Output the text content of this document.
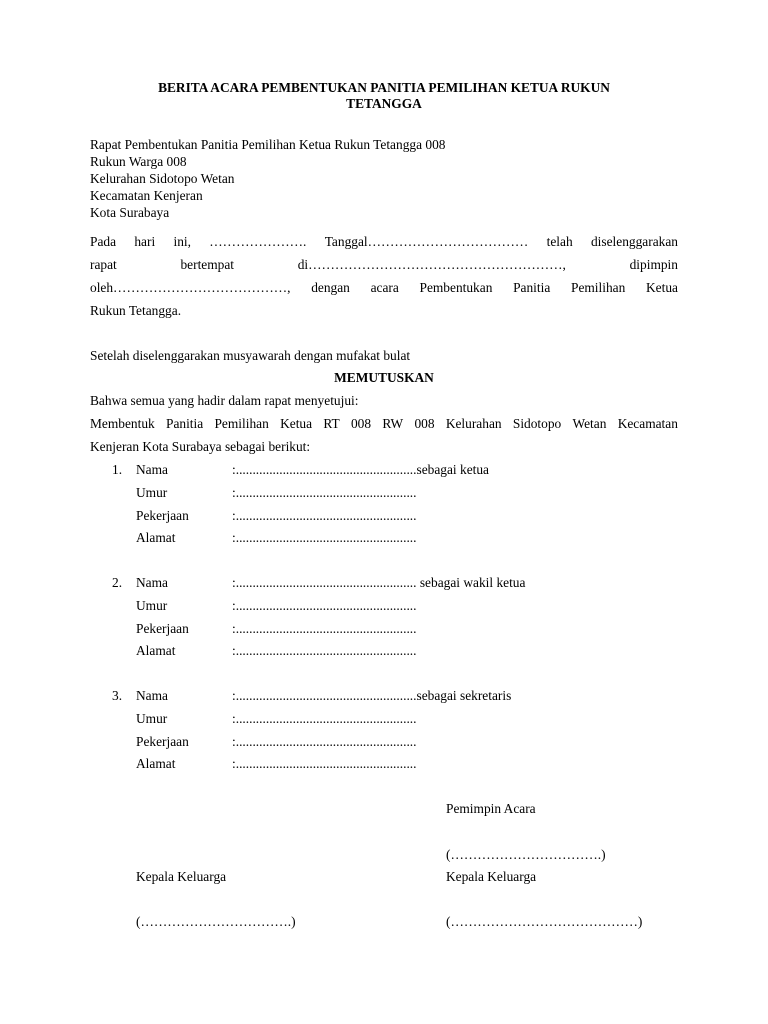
BERITA ACARA PEMBENTUKAN PANITIA PEMILIHAN KETUA RUKUN
TETANGGA
Rapat Pembentukan Panitia Pemilihan Ketua Rukun Tetangga 008
Rukun Warga 008
Kelurahan Sidotopo Wetan
Kecamatan Kenjeran
Kota Surabaya
Pada hari ini, …………………. Tanggal……………………………… telah diselenggarakan
rapat	bertempat	di…………………………………………………,	dipimpin
oleh…………………………………, dengan acara Pembentukan Panitia Pemilihan Ketua
Rukun Tetangga.
Setelah diselenggarakan musyawarah dengan mufakat bulat
MEMUTUSKAN
Bahwa semua yang hadir dalam rapat menyetujui:
Membentuk Panitia Pemilihan Ketua RT 008 RW 008 Kelurahan Sidotopo Wetan Kecamatan
Kenjeran Kota Surabaya sebagai berikut:
1. Nama	:......................................................sebagai ketua
Umur	:......................................................
Pekerjaan	:......................................................
Alamat	:......................................................
2. Nama	:...................................................... sebagai wakil ketua
Umur	:......................................................
Pekerjaan	:......................................................
Alamat	:......................................................
3. Nama	:......................................................sebagai sekretaris
Umur	:......................................................
Pekerjaan	:......................................................
Alamat	:......................................................
Pemimpin Acara
(…………………………….)
Kepala Keluarga	Kepala Keluarga
(…………………………….)	(……………………………………)
